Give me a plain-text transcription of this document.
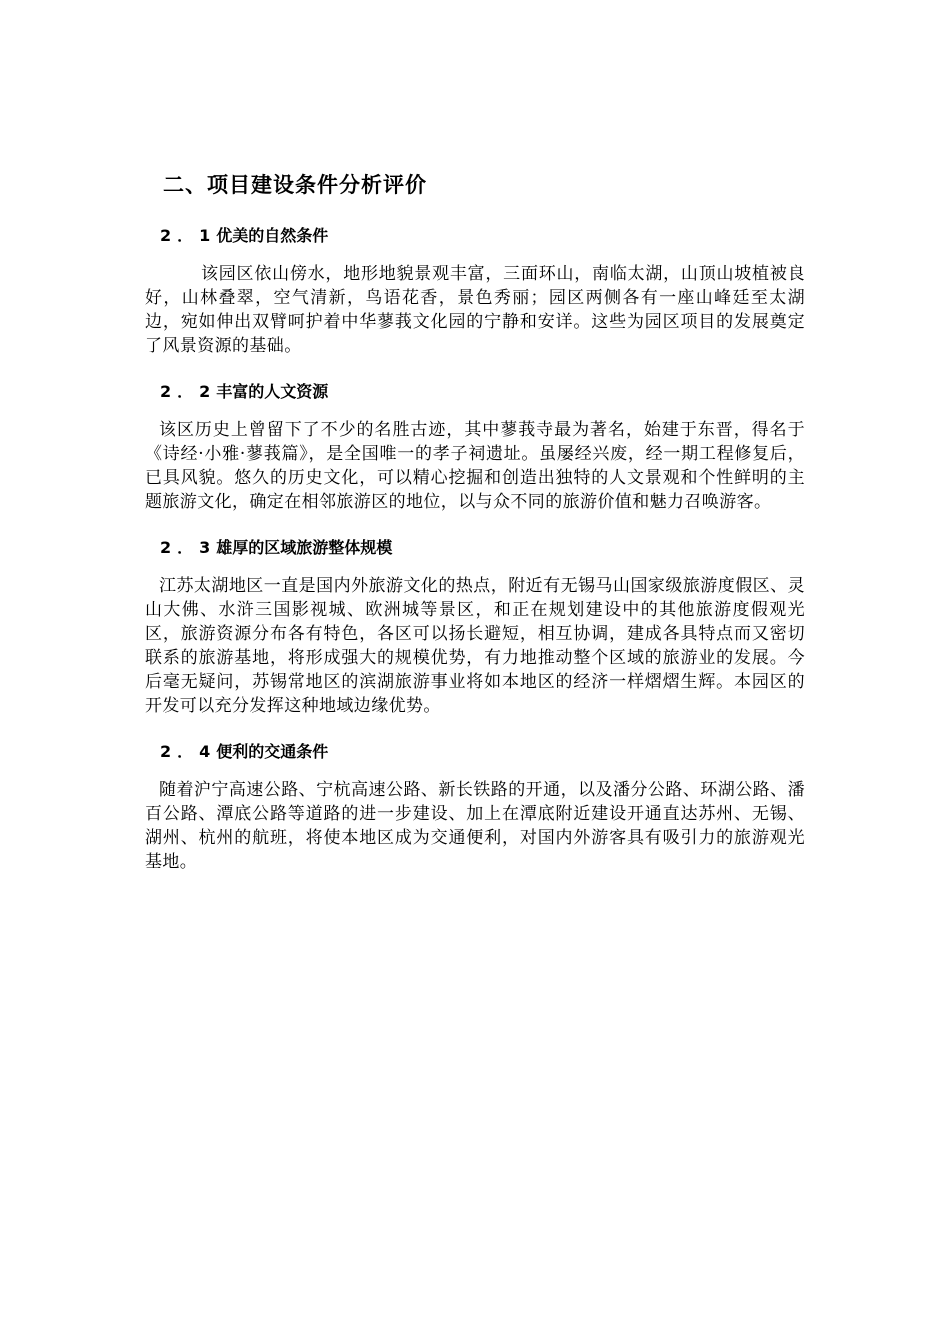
二、项目建设条件分析评价
2．1优美的自然条件

该园区依山傍水，地形地貌景观丰富，三面环山，南临太湖，山顶山坡植被良好，山林叠翠，空气清新，鸟语花香，景色秀丽；园区两侧各有一座山峰廷至太湖边，宛如伸出双臂呵护着中华蓼莪文化园的宁静和安详。这些为园区项目的发展奠定了风景资源的基础。

2．2丰富的人文资源

该区历史上曾留下了不少的名胜古迹，其中蓼莪寺最为著名，始建于东晋，得名于《诗经·小雅·蓼莪篇》，是全国唯一的孝子祠遗址。虽屡经兴废，经一期工程修复后，已具风貌。悠久的历史文化，可以精心挖掘和创造出独特的人文景观和个性鲜明的主题旅游文化，确定在相邻旅游区的地位，以与众不同的旅游价值和魅力召唤游客。

2．3雄厚的区域旅游整体规模

江苏太湖地区一直是国内外旅游文化的热点，附近有无锡马山国家级旅游度假区、灵山大佛、水浒三国影视城、欧洲城等景区，和正在规划建设中的其他旅游度假观光区，旅游资源分布各有特色，各区可以扬长避短，相互协调，建成各具特点而又密切联系的旅游基地，将形成强大的规模优势，有力地推动整个区域的旅游业的发展。今后毫无疑问，苏锡常地区的滨湖旅游事业将如本地区的经济一样熠熠生辉。本园区的开发可以充分发挥这种地域边缘优势。

2．4便利的交通条件

随着沪宁高速公路、宁杭高速公路、新长铁路的开通，以及潘分公路、环湖公路、潘百公路、潭底公路等道路的进一步建设、加上在潭底附近建设开通直达苏州、无锡、湖州、杭州的航班，将使本地区成为交通便利，对国内外游客具有吸引力的旅游观光基地。
